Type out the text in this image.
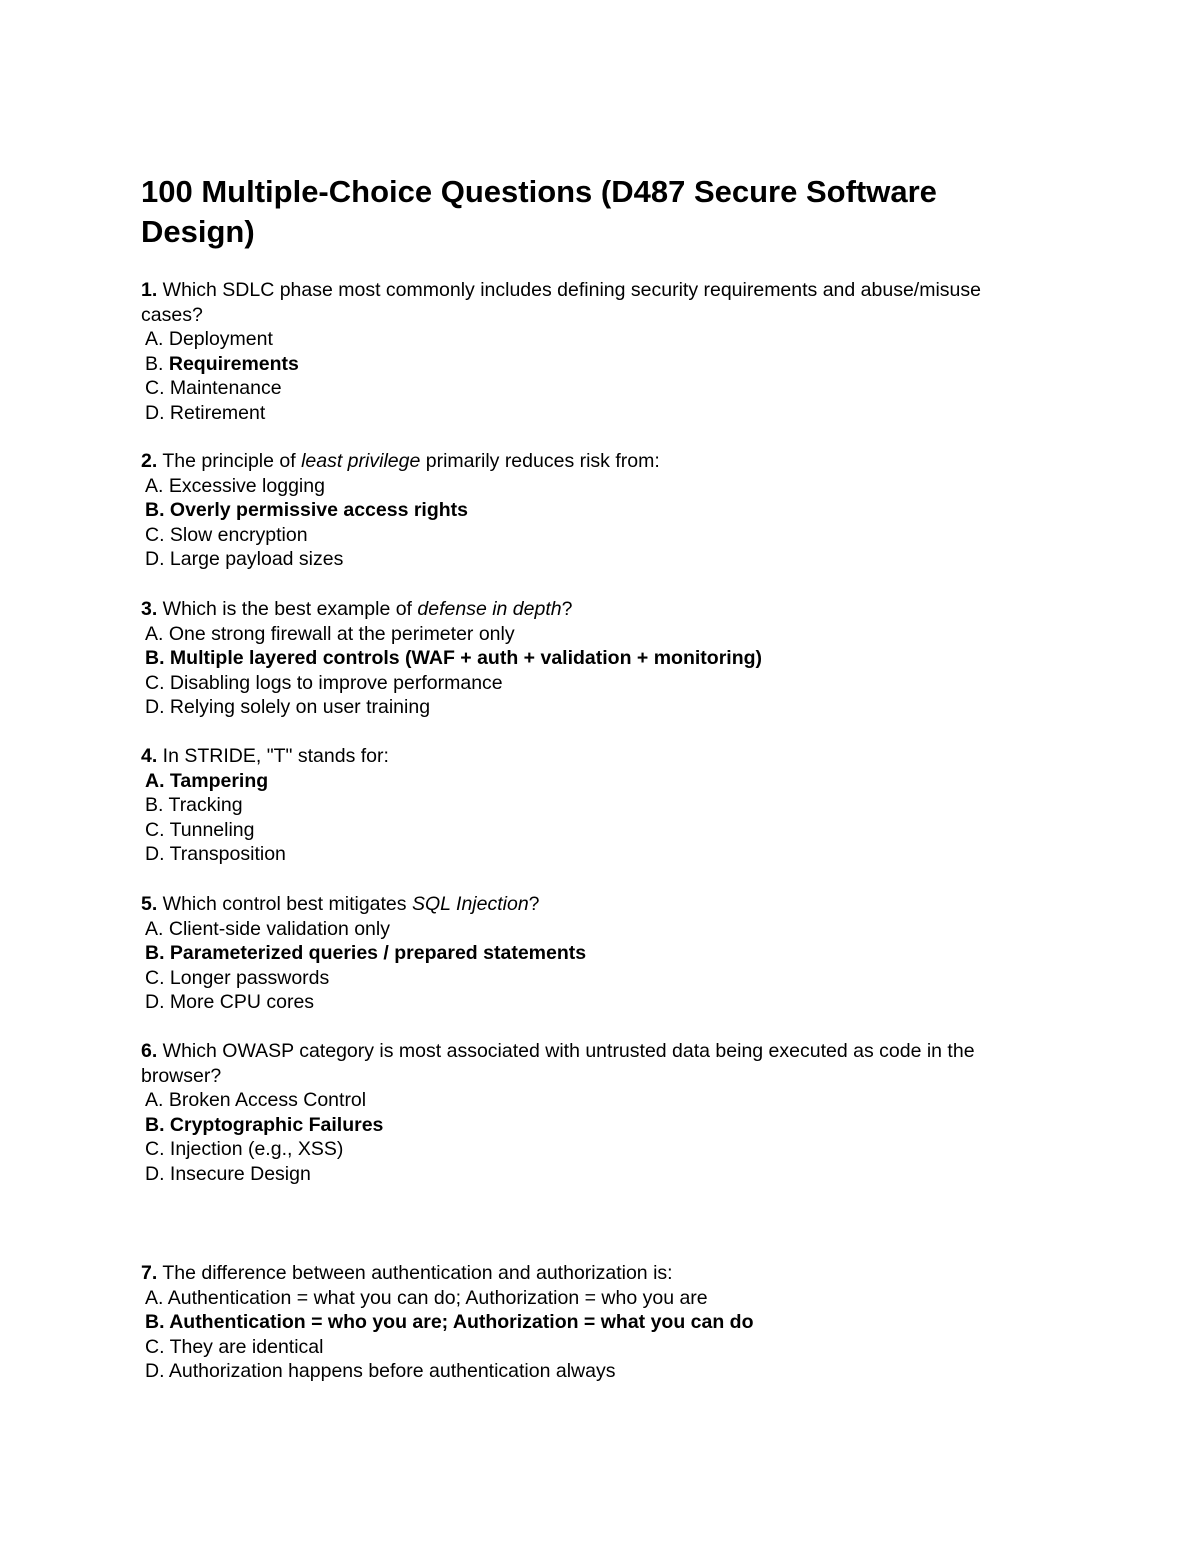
100 Multiple-Choice Questions (D487 Secure Software Design)
1. Which SDLC phase most commonly includes defining security requirements and abuse/misuse cases?
A. Deployment
B. Requirements
C. Maintenance
D. Retirement
2. The principle of least privilege primarily reduces risk from:
A. Excessive logging
B. Overly permissive access rights
C. Slow encryption
D. Large payload sizes
3. Which is the best example of defense in depth?
A. One strong firewall at the perimeter only
B. Multiple layered controls (WAF + auth + validation + monitoring)
C. Disabling logs to improve performance
D. Relying solely on user training
4. In STRIDE, "T" stands for:
A. Tampering
B. Tracking
C. Tunneling
D. Transposition
5. Which control best mitigates SQL Injection?
A. Client-side validation only
B. Parameterized queries / prepared statements
C. Longer passwords
D. More CPU cores
6. Which OWASP category is most associated with untrusted data being executed as code in the browser?
A. Broken Access Control
B. Cryptographic Failures
C. Injection (e.g., XSS)
D. Insecure Design
7. The difference between authentication and authorization is:
A. Authentication = what you can do; Authorization = who you are
B. Authentication = who you are; Authorization = what you can do
C. They are identical
D. Authorization happens before authentication always
